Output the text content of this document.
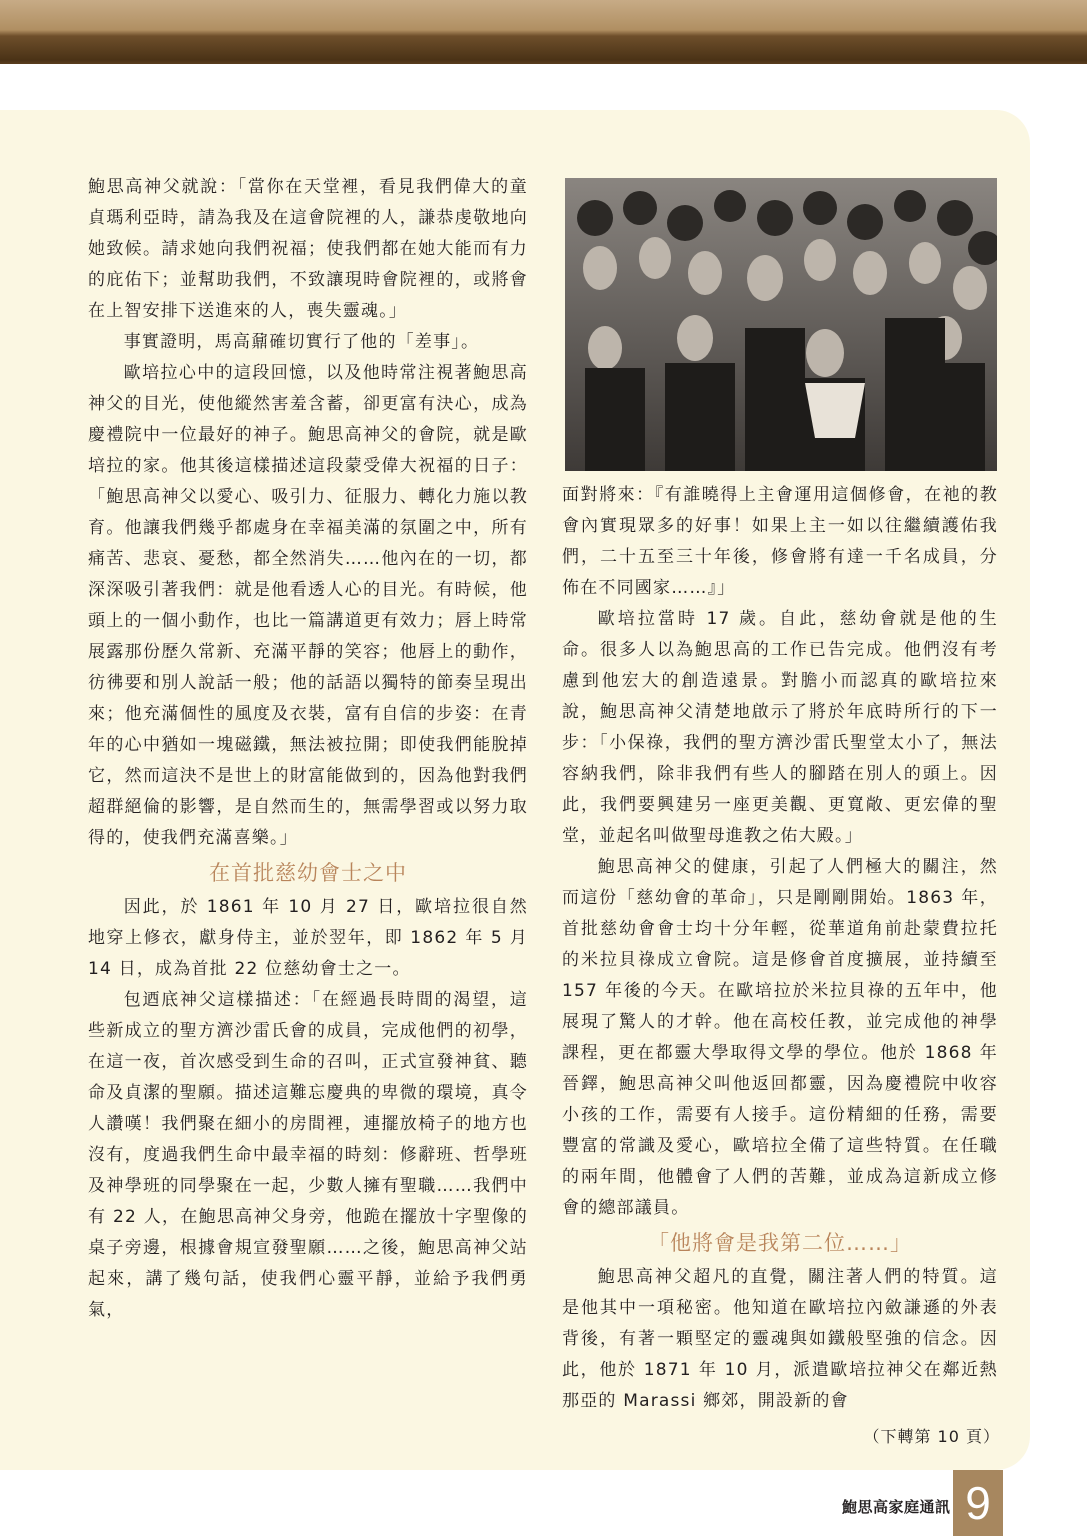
鮑思高神父就說：「當你在天堂裡，看見我們偉大的童貞瑪利亞時，請為我及在這會院裡的人，謙恭虔敬地向她致候。請求她向我們祝福；使我們都在她大能而有力的庇佑下；並幫助我們，不致讓現時會院裡的，或將會在上智安排下送進來的人，喪失靈魂。」

事實證明，馬高鼐確切實行了他的「差事」。

歐培拉心中的這段回憶，以及他時常注視著鮑思高神父的目光，使他縱然害羞含蓄，卻更富有決心，成為慶禮院中一位最好的神子。鮑思高神父的會院，就是歐培拉的家。他其後這樣描述這段蒙受偉大祝福的日子：「鮑思高神父以愛心、吸引力、征服力、轉化力施以教育。他讓我們幾乎都處身在幸福美滿的氛圍之中，所有痛苦、悲哀、憂愁，都全然消失……他內在的一切，都深深吸引著我們：就是他看透人心的目光。有時候，他頭上的一個小動作，也比一篇講道更有效力；唇上時常展露那份歷久常新、充滿平靜的笑容；他唇上的動作，彷彿要和別人說話一般；他的話語以獨特的節奏呈現出來；他充滿個性的風度及衣裝，富有自信的步姿：在青年的心中猶如一塊磁鐵，無法被拉開；即使我們能脫掉它，然而這決不是世上的財富能做到的，因為他對我們超群絕倫的影響，是自然而生的，無需學習或以努力取得的，使我們充滿喜樂。」

在首批慈幼會士之中

因此，於 1861 年 10 月 27 日，歐培拉很自然地穿上修衣，獻身侍主，並於翌年，即 1862 年 5 月 14 日，成為首批 22 位慈幼會士之一。

包迺底神父這樣描述：「在經過長時間的渴望，這些新成立的聖方濟沙雷氏會的成員，完成他們的初學，在這一夜，首次感受到生命的召叫，正式宣發神貧、聽命及貞潔的聖願。描述這難忘慶典的卑微的環境，真令人讚嘆！我們聚在細小的房間裡，連擺放椅子的地方也沒有，度過我們生命中最幸福的時刻：修辭班、哲學班及神學班的同學聚在一起，少數人擁有聖職……我們中有 22 人，在鮑思高神父身旁，他跪在擺放十字聖像的桌子旁邊，根據會規宣發聖願……之後，鮑思高神父站起來，講了幾句話，使我們心靈平靜，並給予我們勇氣，

面對將來：『有誰曉得上主會運用這個修會，在祂的教會內實現眾多的好事！如果上主一如以往繼續護佑我們，二十五至三十年後，修會將有達一千名成員，分佈在不同國家……』」

歐培拉當時 17 歲。自此，慈幼會就是他的生命。很多人以為鮑思高的工作已告完成。他們沒有考慮到他宏大的創造遠景。對膽小而認真的歐培拉來說，鮑思高神父清楚地啟示了將於年底時所行的下一步：「小保祿，我們的聖方濟沙雷氏聖堂太小了，無法容納我們，除非我們有些人的腳踏在別人的頭上。因此，我們要興建另一座更美觀、更寬敞、更宏偉的聖堂，並起名叫做聖母進教之佑大殿。」

鮑思高神父的健康，引起了人們極大的關注，然而這份「慈幼會的革命」，只是剛剛開始。1863 年，首批慈幼會會士均十分年輕，從華道角前赴蒙費拉托的米拉貝祿成立會院。這是修會首度擴展，並持續至 157 年後的今天。在歐培拉於米拉貝祿的五年中，他展現了驚人的才幹。他在高校任教，並完成他的神學課程，更在都靈大學取得文學的學位。他於 1868 年晉鐸，鮑思高神父叫他返回都靈，因為慶禮院中收容小孩的工作，需要有人接手。這份精細的任務，需要豐富的常識及愛心，歐培拉全備了這些特質。在任職的兩年間，他體會了人們的苦難，並成為這新成立修會的總部議員。

「他將會是我第二位……」

鮑思高神父超凡的直覺，關注著人們的特質。這是他其中一項秘密。他知道在歐培拉內斂謙遜的外表背後，有著一顆堅定的靈魂與如鐵般堅強的信念。因此，他於 1871 年 10 月，派遣歐培拉神父在鄰近熱那亞的 Marassi 鄉郊，開設新的會

（下轉第 10 頁）
鮑思高家庭通訊 9
